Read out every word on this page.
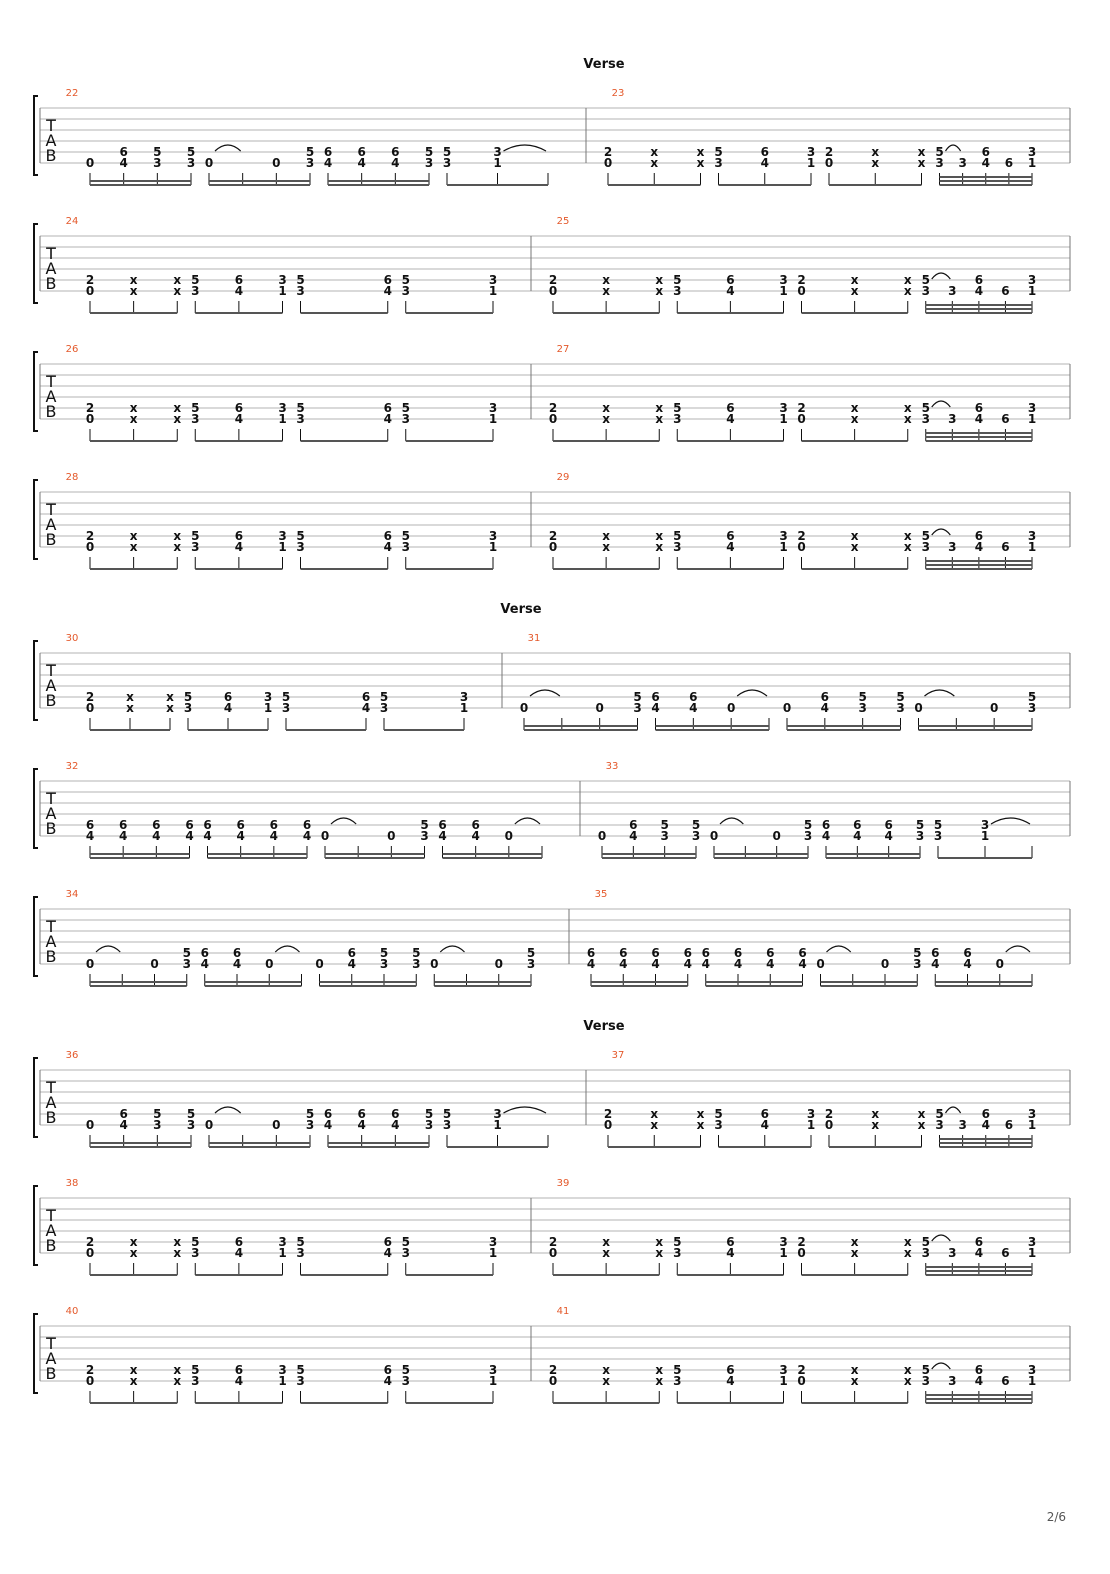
Verse
T
A
B
22
0
6
4
5
3
5
3 0	0
5
3
6
4
6
4
6
4
5
3
5
3
3
1
23
2
0
x
x
x
x
5
3
6
4
3
1
2
0
x
x
x
x
5
3 3
6
4 6
3
1
T
A
B
24
2
0
x
x
x
x
5
3
6
4
3
1
5
3
6
4
5
3
3
1
25
2
0
x
x
x
x
5
3
6
4
3
1
2
0
x
x
x
x
5
3 3
6
4 6
3
1
T
A
B
26
2
0
x
x
x
x
5
3
6
4
3
1
5
3
6
4
5
3
3
1
27
2
0
x
x
x
x
5
3
6
4
3
1
2
0
x
x
x
x
5
3 3
6
4 6
3
1
T
A
B
28
2
0
x
x
x
x
5
3
6
4
3
1
5
3
6
4
5
3
3
1
29
2
0
x
x
x
x
5
3
6
4
3
1
2
0
x
x
x
x
5
3 3
6
4 6
3
1
Verse
T
A
B
30
2
0
x
x
x
x
5
3
6
4
3
1
5
3
6
4
5
3
3
1
31
0	0
5
3
6
4
6
4 0	0
6
4
5
3
5
3 0	0
5
3
T
A
B
32
6
4
6
4
6
4
6
4
6
4
6
4
6
4
6
4 0	0
5
3
6
4
6
4 0
33
0
6
4
5
3
5
3 0	0
5
3
6
4
6
4
6
4
5
3
5
3
3
1
T
A
B
34
0	0
5
3
6
4
6
4 0	0
6
4
5
3
5
3 0	0
5
3
35
6
4
6
4
6
4
6
4
6
4
6
4
6
4
6
4 0	0
5
3
6
4
6
4 0
Verse
T
A
B
36
0
6
4
5
3
5
3 0	0
5
3
6
4
6
4
6
4
5
3
5
3
3
1
37
2
0
x
x
x
x
5
3
6
4
3
1
2
0
x
x
x
x
5
3 3
6
4 6
3
1
T
A
B
38
2
0
x
x
x
x
5
3
6
4
3
1
5
3
6
4
5
3
3
1
39
2
0
x
x
x
x
5
3
6
4
3
1
2
0
x
x
x
x
5
3 3
6
4 6
3
1
T
A
B
40
2
0
x
x
x
x
5
3
6
4
3
1
5
3
6
4
5
3
3
1
41
2
0
x
x
x
x
5
3
6
4
3
1
2
0
x
x
x
x
5
3 3
6
4 6
3
1
2/6
